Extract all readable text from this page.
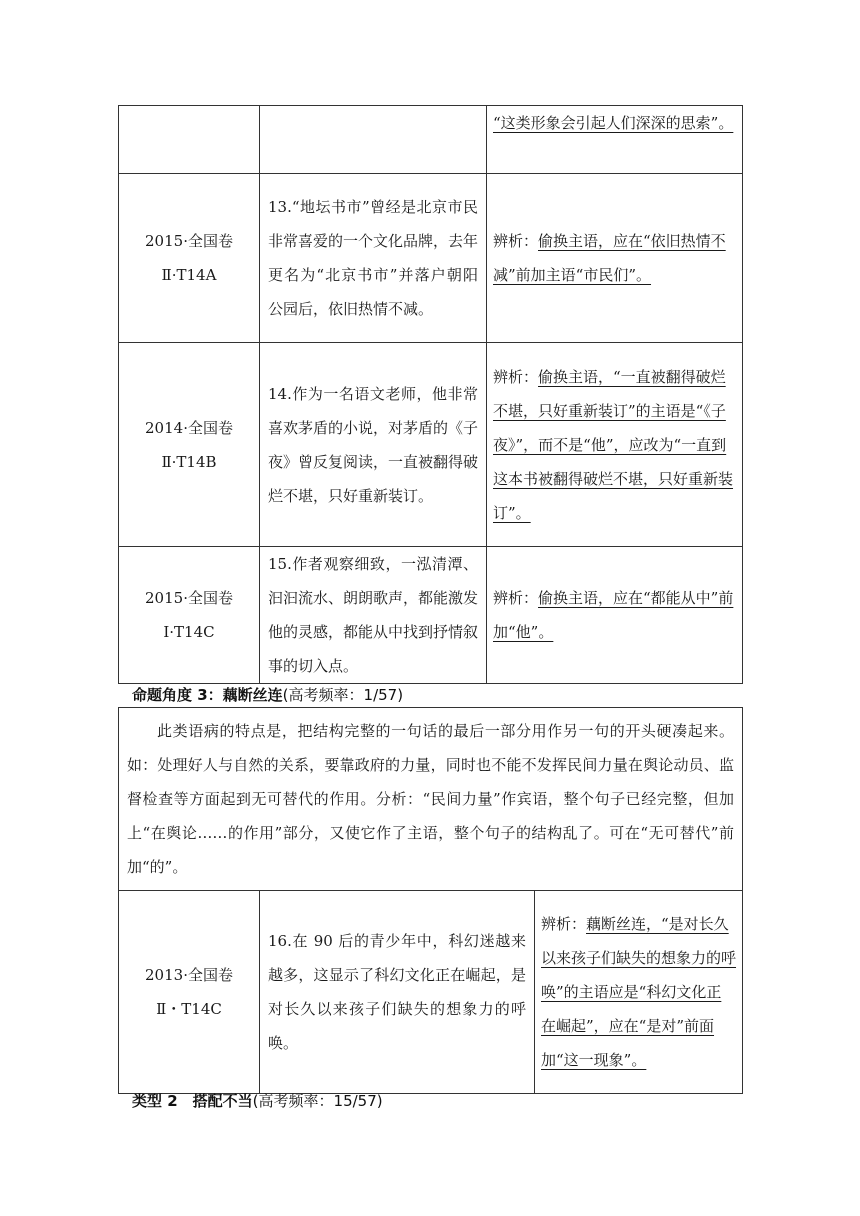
		“这类形象会引起人们深深的思索”。

2015·全国卷
Ⅱ·T14A	13.“地坛书市”曾经是北京市民非常喜爱的一个文化品牌，去年更名为“北京书市”并落户朝阳公园后，依旧热情不减。	辨析：偷换主语，应在“依旧热情不减”前加主语“市民们”。

2014·全国卷
Ⅱ·T14B	14.作为一名语文老师，他非常喜欢茅盾的小说，对茅盾的《子夜》曾反复阅读，一直被翻得破烂不堪，只好重新装订。	辨析：偷换主语，“一直被翻得破烂不堪，只好重新装订”的主语是“《子夜》”，而不是“他”，应改为“一直到这本书被翻得破烂不堪，只好重新装订”。

2015·全国卷
Ⅰ·T14C	15.作者观察细致，一泓清潭、汩汩流水、朗朗歌声，都能激发他的灵感，都能从中找到抒情叙事的切入点。	辨析：偷换主语，应在“都能从中”前加“他”。
命题角度 3：藕断丝连(高考频率：1/57)
此类语病的特点是，把结构完整的一句话的最后一部分用作另一句的开头硬凑起来。如：处理好人与自然的关系，要靠政府的力量，同时也不能不发挥民间力量在舆论动员、监督检查等方面起到无可替代的作用。分析：“民间力量”作宾语，整个句子已经完整，但加上“在舆论……的作用”部分，又使它作了主语，整个句子的结构乱了。可在“无可替代”前加“的”。

2013·全国卷
Ⅱ・T14C
	16.在 90 后的青少年中，科幻迷越来越多，这显示了科幻文化正在崛起，是对长久以来孩子们缺失的想象力的呼唤。	辨析：藕断丝连，“是对长久以来孩子们缺失的想象力的呼唤”的主语应是“科幻文化正在崛起”，应在“是对”前面加“这一现象”。
类型 2　搭配不当(高考频率：15/57)
